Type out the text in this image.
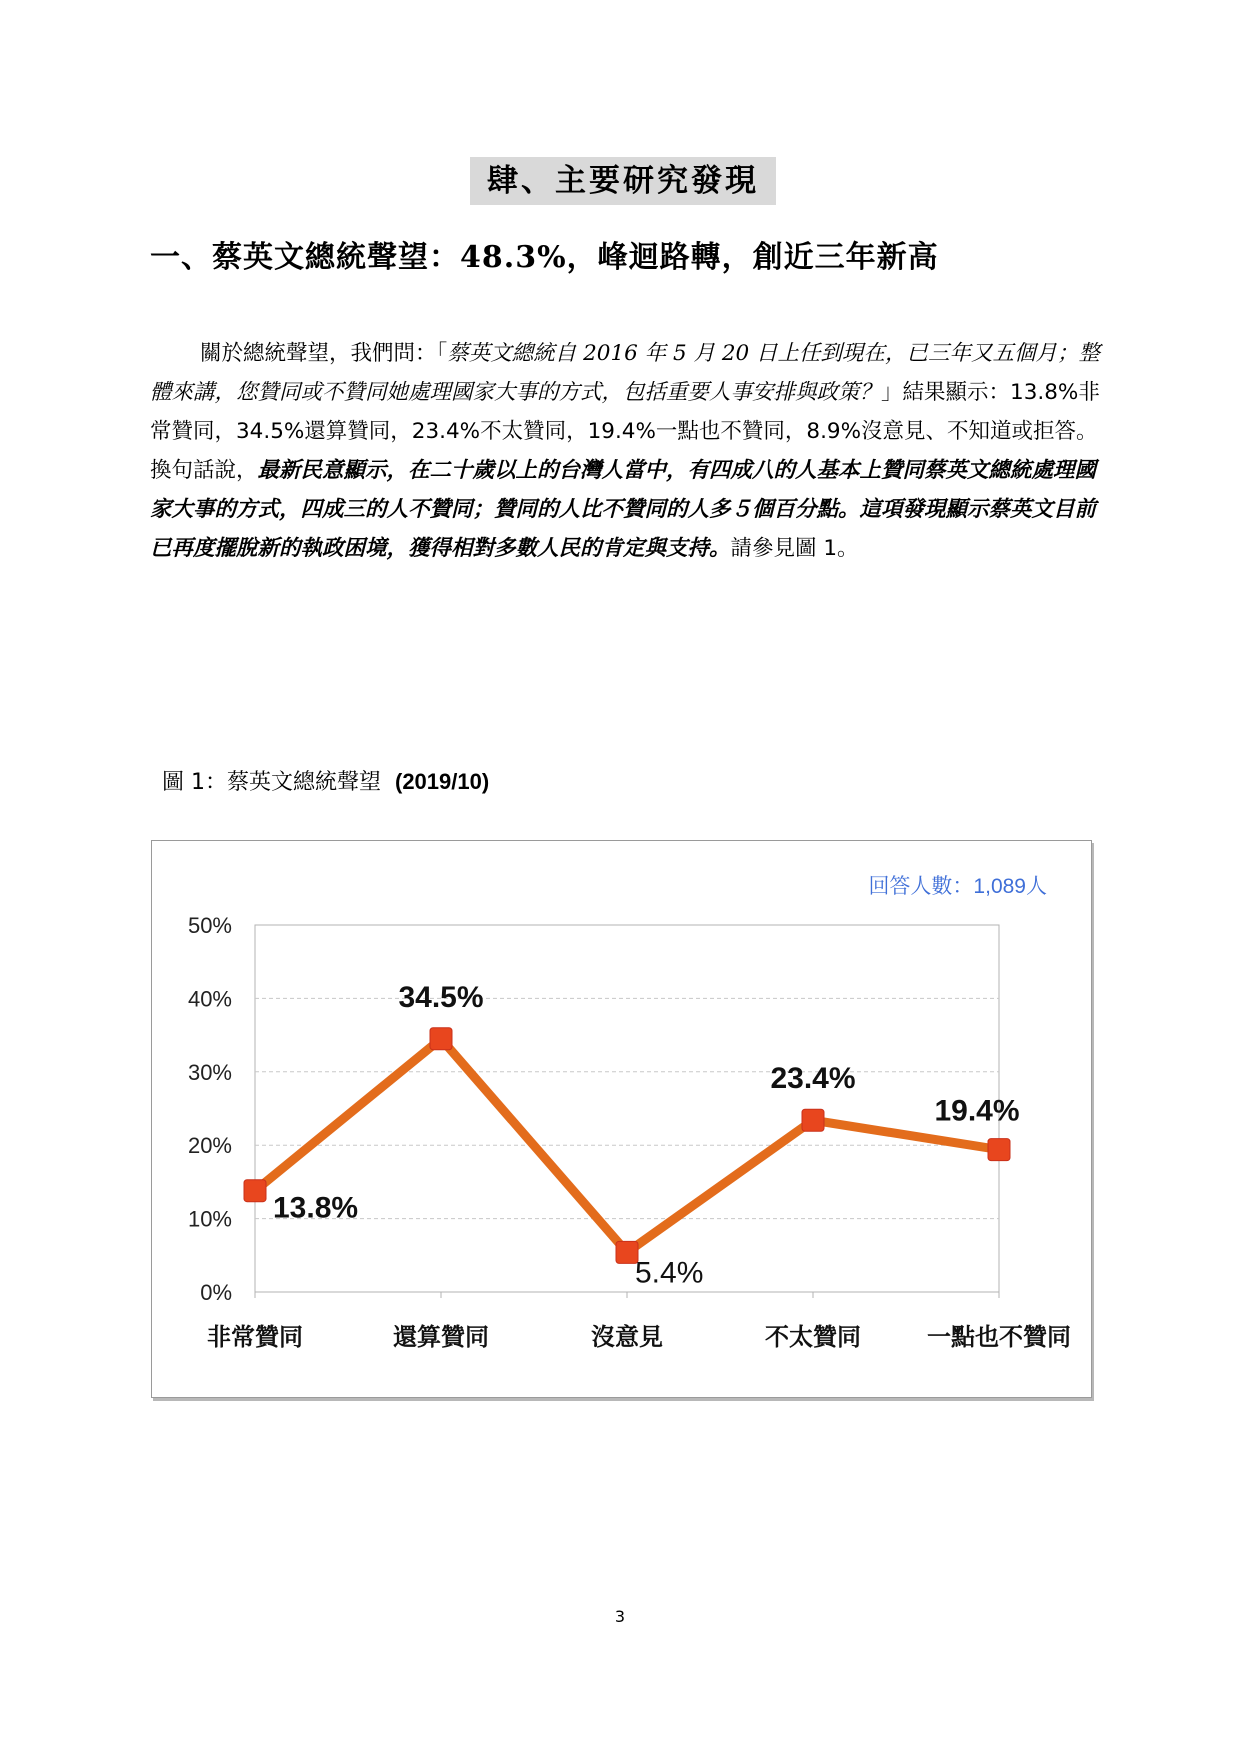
肆、主要研究發現
一、蔡英文總統聲望：48.3%，峰迴路轉，創近三年新高
關於總統聲望，我們問：「蔡英文總統自 2016 年 5 月 20 日上任到現在，已三年又五個月；整體來講，您贊同或不贊同她處理國家大事的方式，包括重要人事安排與政策？」結果顯示：13.8%非常贊同，34.5%還算贊同，23.4%不太贊同，19.4%一點也不贊同，8.9%沒意見、不知道或拒答。換句話說，最新民意顯示，在二十歲以上的台灣人當中，有四成八的人基本上贊同蔡英文總統處理國家大事的方式，四成三的人不贊同；贊同的人比不贊同的人多５個百分點。這項發現顯示蔡英文目前已再度擺脫新的執政困境，獲得相對多數人民的肯定與支持。請參見圖 1。
圖 1：蔡英文總統聲望 (2019/10)
0%
10%
20%
30%
40%
50%
非常贊同	還算贊同	沒意見	不太贊同	一點也不贊同
13.8%
34.5%
5.4%
23.4%
19.4%
回答人數：1,089人
3
